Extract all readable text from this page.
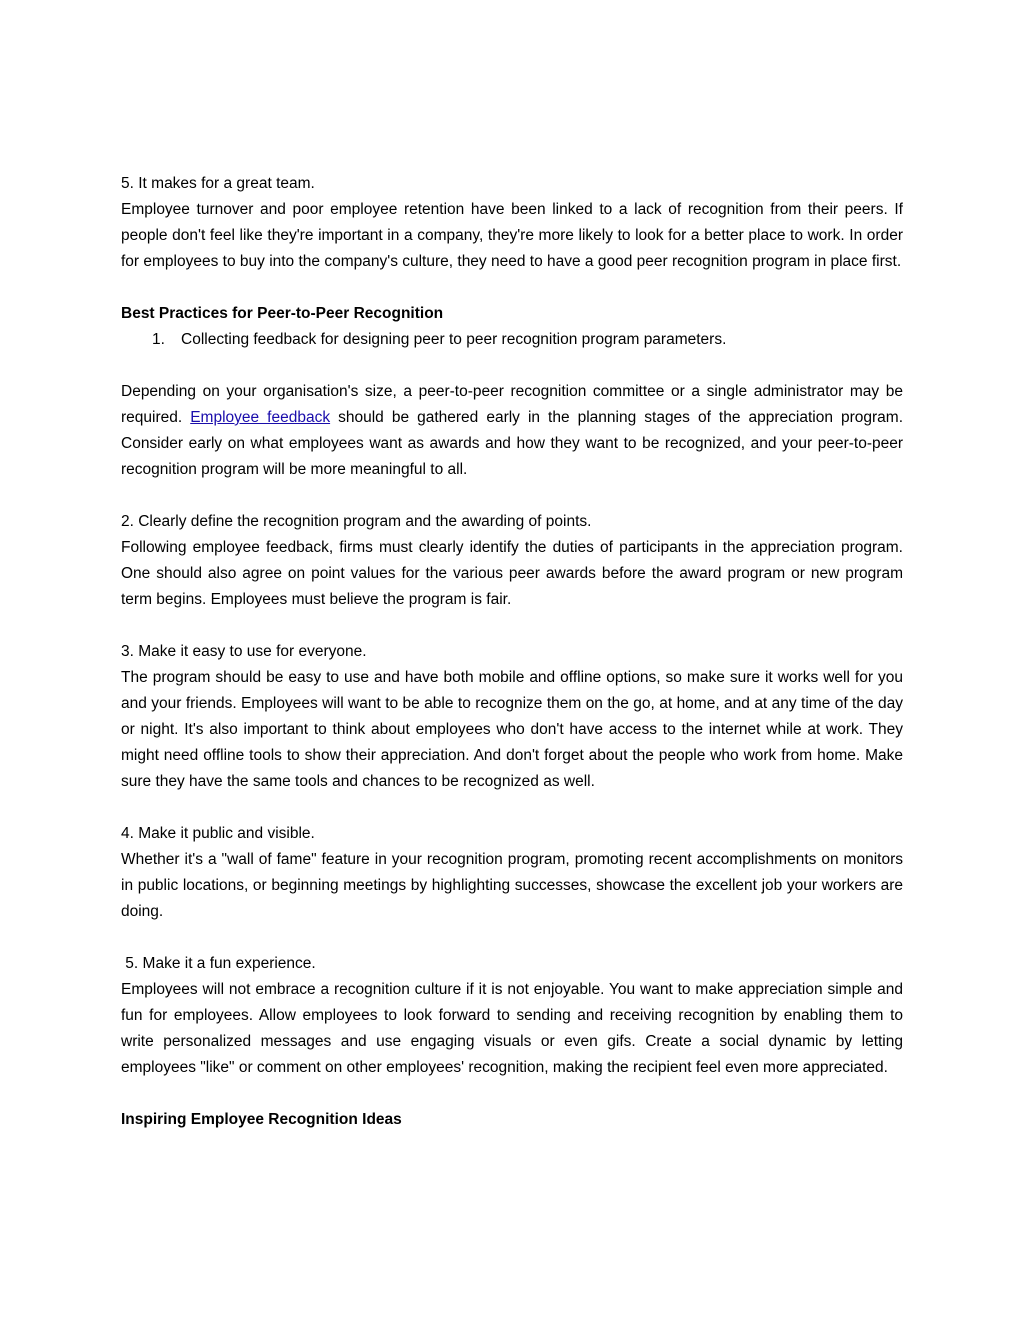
5. It makes for a great team.
Employee turnover and poor employee retention have been linked to a lack of recognition from their peers. If people don't feel like they're important in a company, they're more likely to look for a better place to work. In order for employees to buy into the company's culture, they need to have a good peer recognition program in place first.
Best Practices for Peer-to-Peer Recognition
1.	Collecting feedback for designing peer to peer recognition program parameters.
Depending on your organisation's size, a peer-to-peer recognition committee or a single administrator may be required. Employee feedback should be gathered early in the planning stages of the appreciation program. Consider early on what employees want as awards and how they want to be recognized, and your peer-to-peer recognition program will be more meaningful to all.
2. Clearly define the recognition program and the awarding of points.
Following employee feedback, firms must clearly identify the duties of participants in the appreciation program. One should also agree on point values for the various peer awards before the award program or new program term begins. Employees must believe the program is fair.
3. Make it easy to use for everyone.
The program should be easy to use and have both mobile and offline options, so make sure it works well for you and your friends. Employees will want to be able to recognize them on the go, at home, and at any time of the day or night. It's also important to think about employees who don't have access to the internet while at work. They might need offline tools to show their appreciation. And don't forget about the people who work from home. Make sure they have the same tools and chances to be recognized as well.
4. Make it public and visible.
Whether it's a "wall of fame" feature in your recognition program, promoting recent accomplishments on monitors in public locations, or beginning meetings by highlighting successes, showcase the excellent job your workers are doing.
5. Make it a fun experience.
Employees will not embrace a recognition culture if it is not enjoyable. You want to make appreciation simple and fun for employees. Allow employees to look forward to sending and receiving recognition by enabling them to write personalized messages and use engaging visuals or even gifs. Create a social dynamic by letting employees "like" or comment on other employees' recognition, making the recipient feel even more appreciated.
Inspiring Employee Recognition Ideas
